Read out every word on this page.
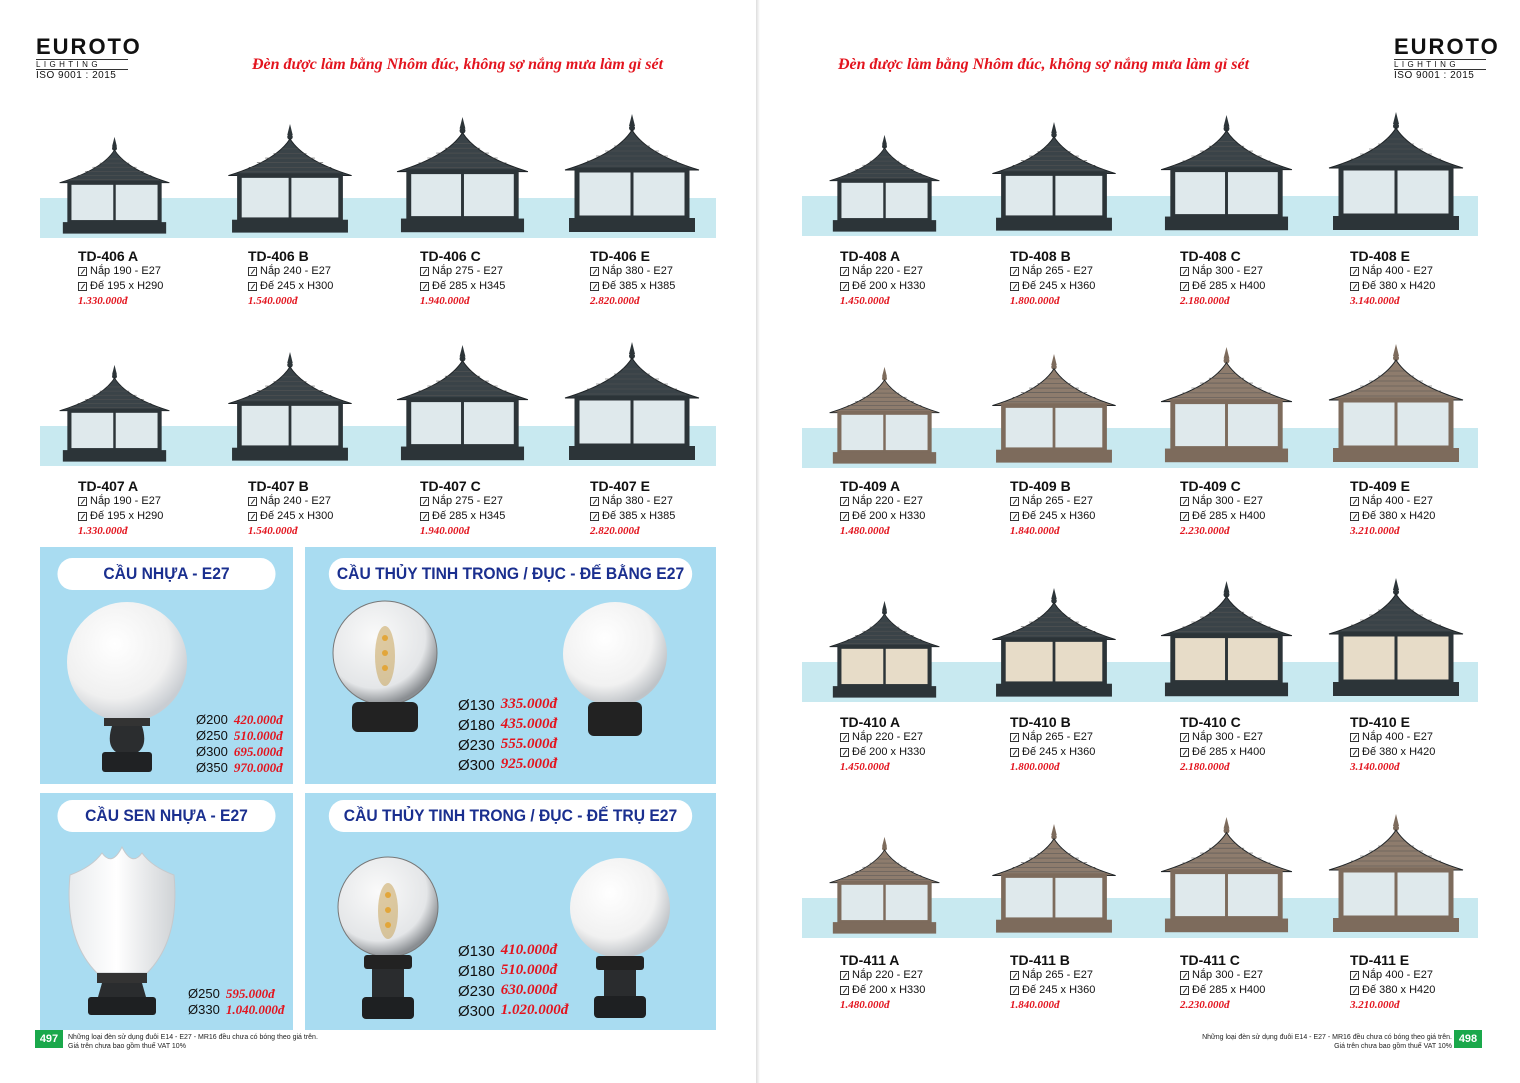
EUROTO
LIGHTING
ISO 9001 : 2015
Đèn được làm bằng Nhôm đúc, không sợ nắng mưa làm gỉ sét
TD-406 A
Nắp 190 - E27
Đế 195 x H290
1.330.000đ
TD-406 B
Nắp 240 - E27
Đế 245 x H300
1.540.000đ
TD-406 C
Nắp 275 - E27
Đế 285 x H345
1.940.000đ
TD-406 E
Nắp 380 - E27
Đế 385 x H385
2.820.000đ
TD-407 A
Nắp 190 - E27
Đế 195 x H290
1.330.000đ
TD-407 B
Nắp 240 - E27
Đế 245 x H300
1.540.000đ
TD-407 C
Nắp 275 - E27
Đế 285 x H345
1.940.000đ
TD-407 E
Nắp 380 - E27
Đế 385 x H385
2.820.000đ
CẦU NHỰA - E27	CẦU THỦY TINH TRONG / ĐỤC - ĐẾ BẰNG E27
CẦU SEN NHỰA - E27	CẦU THỦY TINH TRONG / ĐỤC - ĐẾ TRỤ E27
Ø200 420.000đ
Ø250 510.000đ
Ø300 695.000đ
Ø350 970.000đ
Ø130 335.000đ
Ø180 435.000đ
Ø230 555.000đ
Ø300 925.000đ
Ø250 595.000đ
Ø330 1.040.000đ
Ø130 410.000đ
Ø180 510.000đ
Ø230 630.000đ
Ø300 1.020.000đ
497	Những loại đèn sử dụng đuôi E14 - E27 - MR16 đều chưa có bóng theo giá trên.
Giá trên chưa bao gồm thuế VAT 10%
EUROTO
LIGHTING
ISO 9001 : 2015
Đèn được làm bằng Nhôm đúc, không sợ nắng mưa làm gỉ sét
TD-408 A
Nắp 220 - E27
Đế 200 x H330
1.450.000đ
TD-408 B
Nắp 265 - E27
Đế 245 x H360
1.800.000đ
TD-408 C
Nắp 300 - E27
Đế 285 x H400
2.180.000đ
TD-408 E
Nắp 400 - E27
Đế 380 x H420
3.140.000đ
TD-409 A
Nắp 220 - E27
Đế 200 x H330
1.480.000đ
TD-409 B
Nắp 265 - E27
Đế 245 x H360
1.840.000đ
TD-409 C
Nắp 300 - E27
Đế 285 x H400
2.230.000đ
TD-409 E
Nắp 400 - E27
Đế 380 x H420
3.210.000đ
TD-410 A
Nắp 220 - E27
Đế 200 x H330
1.450.000đ
TD-410 B
Nắp 265 - E27
Đế 245 x H360
1.800.000đ
TD-410 C
Nắp 300 - E27
Đế 285 x H400
2.180.000đ
TD-410 E
Nắp 400 - E27
Đế 380 x H420
3.140.000đ
TD-411 A
Nắp 220 - E27
Đế 200 x H330
1.480.000đ
TD-411 B
Nắp 265 - E27
Đế 245 x H360
1.840.000đ
TD-411 C
Nắp 300 - E27
Đế 285 x H400
2.230.000đ
TD-411 E
Nắp 400 - E27
Đế 380 x H420
3.210.000đ
Những loại đèn sử dụng đuôi E14 - E27 - MR16 đều chưa có bóng theo giá trên.
Giá trên chưa bao gồm thuế VAT 10%
498
